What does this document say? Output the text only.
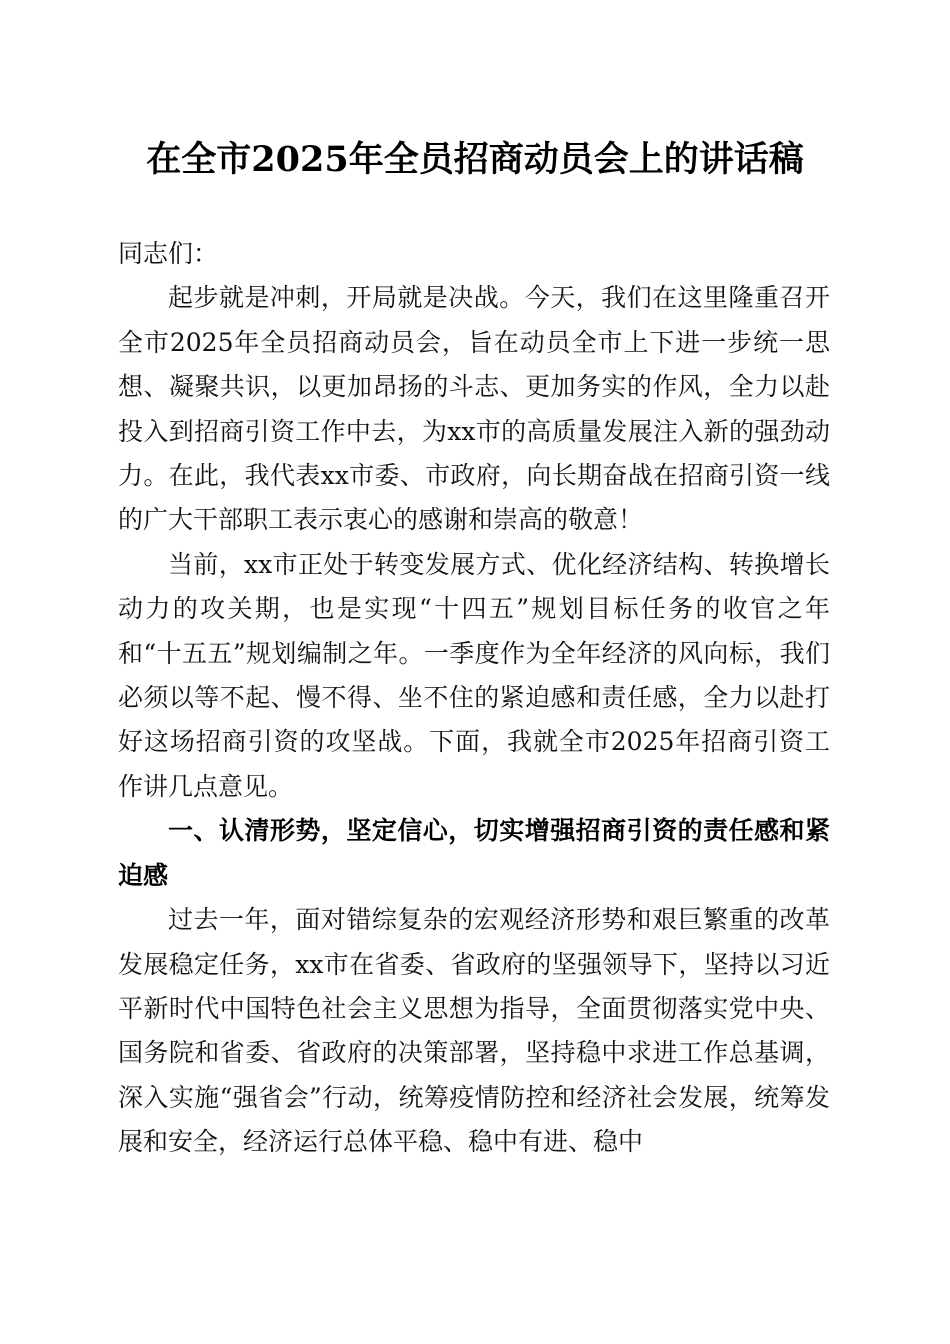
在全市2025年全员招商动员会上的讲话稿

同志们：

起步就是冲刺，开局就是决战。今天，我们在这里隆重召开全市2025年全员招商动员会，旨在动员全市上下进一步统一思想、凝聚共识，以更加昂扬的斗志、更加务实的作风，全力以赴投入到招商引资工作中去，为xx市的高质量发展注入新的强劲动力。在此，我代表xx市委、市政府，向长期奋战在招商引资一线的广大干部职工表示衷心的感谢和崇高的敬意！

当前，xx市正处于转变发展方式、优化经济结构、转换增长动力的攻关期，也是实现“十四五”规划目标任务的收官之年和“十五五”规划编制之年。一季度作为全年经济的风向标，我们必须以等不起、慢不得、坐不住的紧迫感和责任感，全力以赴打好这场招商引资的攻坚战。下面，我就全市2025年招商引资工作讲几点意见。

一、认清形势，坚定信心，切实增强招商引资的责任感和紧迫感

过去一年，面对错综复杂的宏观经济形势和艰巨繁重的改革发展稳定任务，xx市在省委、省政府的坚强领导下，坚持以习近平新时代中国特色社会主义思想为指导，全面贯彻落实党中央、国务院和省委、省政府的决策部署，坚持稳中求进工作总基调，深入实施“强省会”行动，统筹疫情防控和经济社会发展，统筹发展和安全，经济运行总体平稳、稳中有进、稳中
